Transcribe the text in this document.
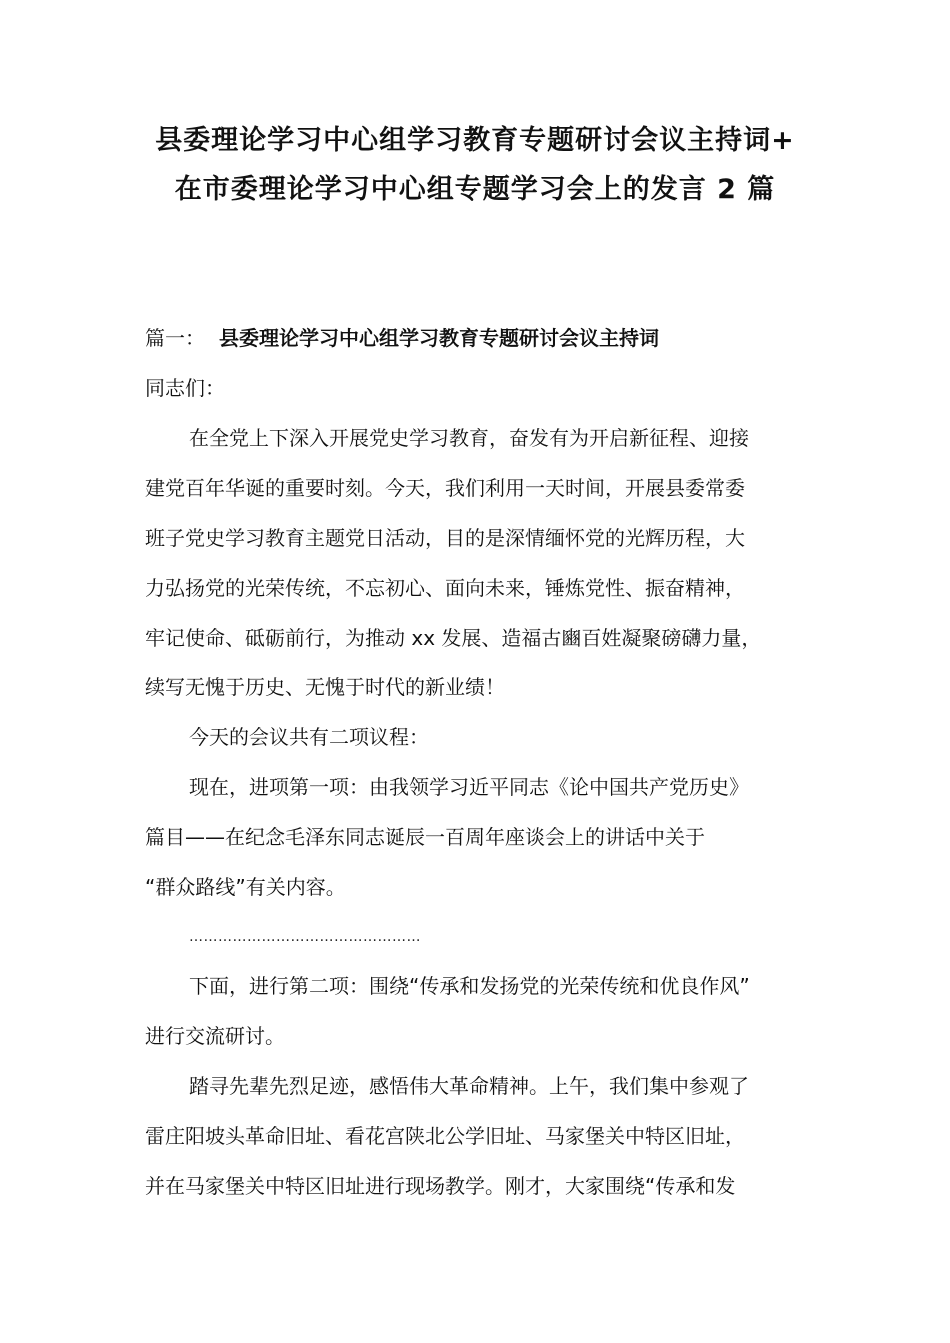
县委理论学习中心组学习教育专题研讨会议主持词+
在市委理论学习中心组专题学习会上的发言 2 篇
篇一： 县委理论学习中心组学习教育专题研讨会议主持词
同志们：
在全党上下深入开展党史学习教育，奋发有为开启新征程、迎接
建党百年华诞的重要时刻。今天，我们利用一天时间，开展县委常委
班子党史学习教育主题党日活动，目的是深情缅怀党的光辉历程，大
力弘扬党的光荣传统，不忘初心、面向未来，锤炼党性、振奋精神，
牢记使命、砥砺前行，为推动 xx 发展、造福古豳百姓凝聚磅礴力量，
续写无愧于历史、无愧于时代的新业绩！
今天的会议共有二项议程：
现在，进项第一项：由我领学习近平同志《论中国共产党历史》
篇目——在纪念毛泽东同志诞辰一百周年座谈会上的讲话中关于
“群众路线”有关内容。
…………………………………………
下面，进行第二项：围绕“传承和发扬党的光荣传统和优良作风”
进行交流研讨。
踏寻先辈先烈足迹，感悟伟大革命精神。上午，我们集中参观了
雷庄阳坡头革命旧址、看花宫陕北公学旧址、马家堡关中特区旧址，
并在马家堡关中特区旧址进行现场教学。刚才，大家围绕“传承和发
